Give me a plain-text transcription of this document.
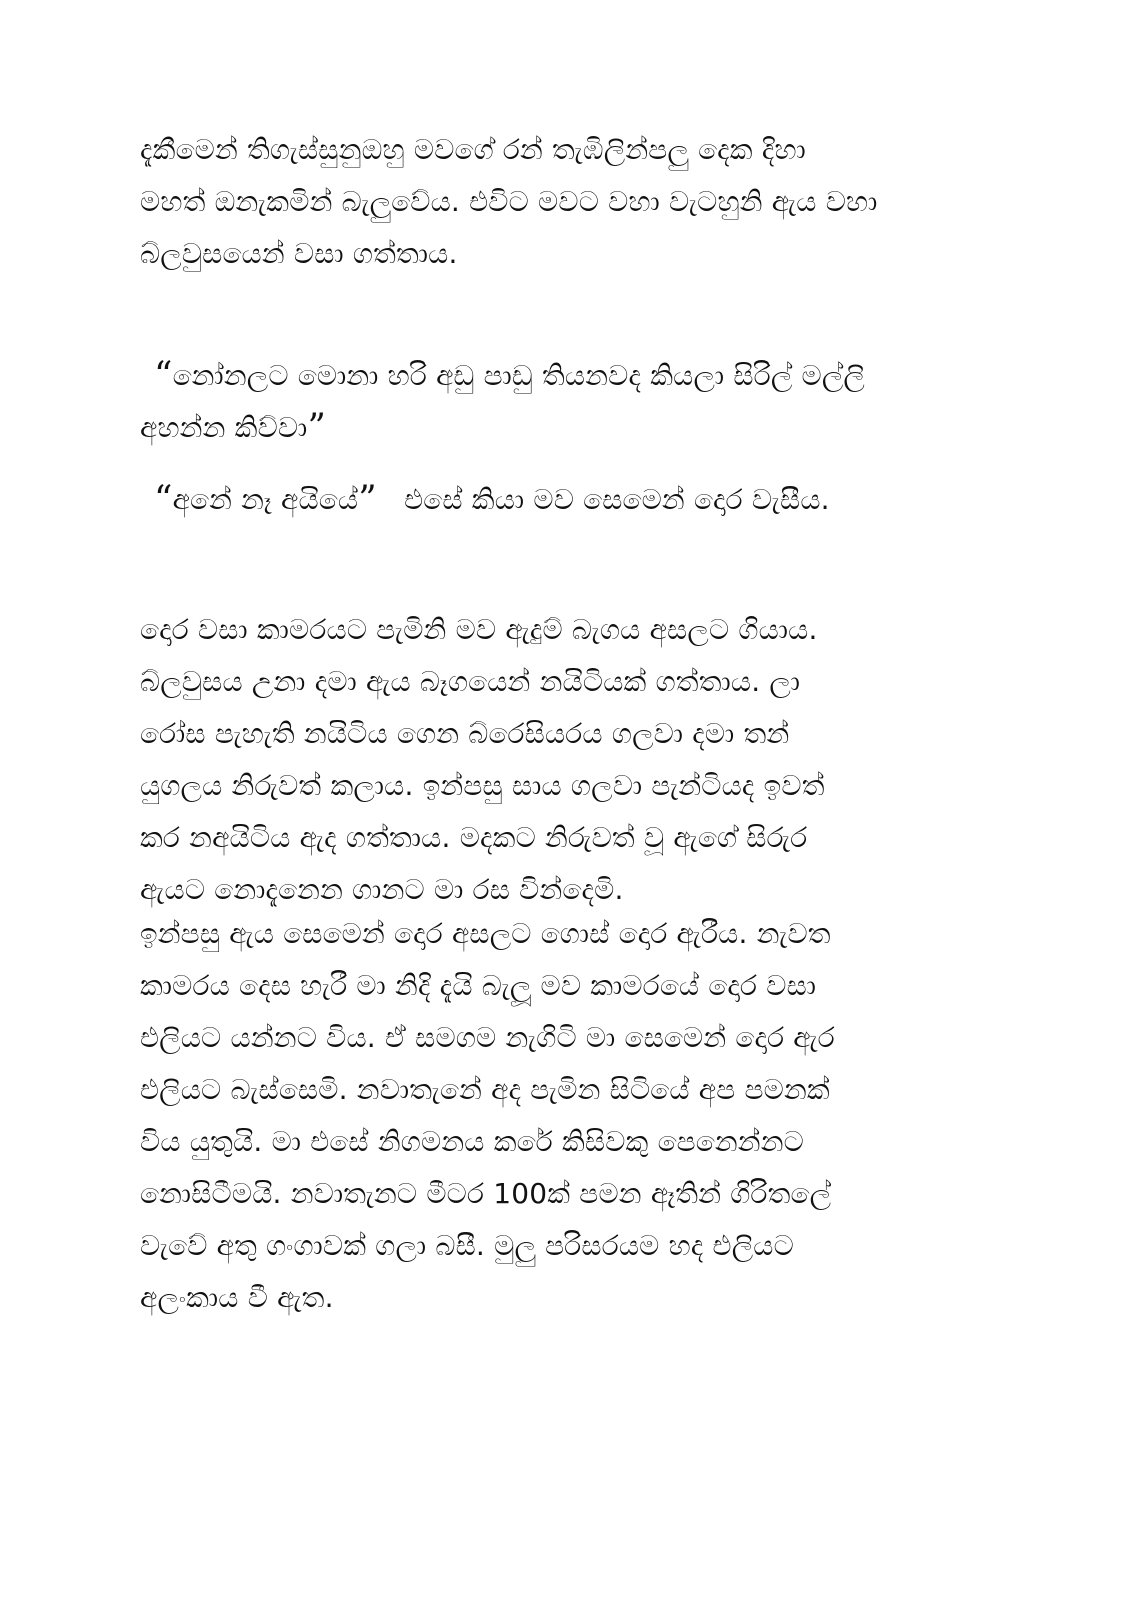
දැකීමෙන් තිගැස්සුනුඔහු මවගේ රන් තැඹිලින්පලු දෙක දිහා
මහත් ඔනැකමින් බැලුවේය. එවිට මවට වහා වැටහුනි ඇය වහා
බ්ලවුසයෙන් වසා ගත්තාය.
“නෝනලට මොනා හරි අඩු පාඩු තියනවද කියලා සිරිල් මල්ලි
අහන්න කිව්වා”
“අනේ නෑ අයියේ” එසේ කියා මව සෙමෙන් දොර වැසීය.
දොර වසා කාමරයට පැමිනි මව ඇදුම් බැගය අසලට ගියාය.
බ්ලවුසය උනා දමා ඇය බෑගයෙන් නයිටියක් ගත්තාය. ලා
රෝස පැහැති නයිටිය ගෙන බ්රෙසියරය ගලවා දමා තන්
යුගලය නිරුවත් කලාය. ඉන්පසු සාය ගලවා පැන්ටියද ඉවත්
කර නඅයිටිය ඇද ගත්තාය. මදකට නිරුවත් වූ ඇගේ සිරුර
ඇයට නොදැනෙන ගානට මා රස වින්දෙමි.
ඉන්පසු ඇය සෙමෙන් දොර අසලට ගොස් දොර ඇරීය. නැවත
කාමරය දෙස හැරී මා නිදි දැයි බැලූ මව කාමරයේ දොර වසා
එලියට යන්නට විය. ඒ සමගම නැගිටි මා සෙමෙන් දොර ඇර
එලියට බැස්සෙමි. නවාතැනේ අද පැමින සිටියේ අප පමනක්
විය යුතුයි. මා එසේ නිගමනය කරේ කිසිවකු පෙනෙන්නට
නොසිටීමයි. නවාතැනට මීටර 100ක් පමන ඈතින් ගිරිතලේ
වැවේ අතු ගංගාවක් ගලා බසී. මුලු පරිසරයම හද එලියට
අලංකාය වී ඇත.
